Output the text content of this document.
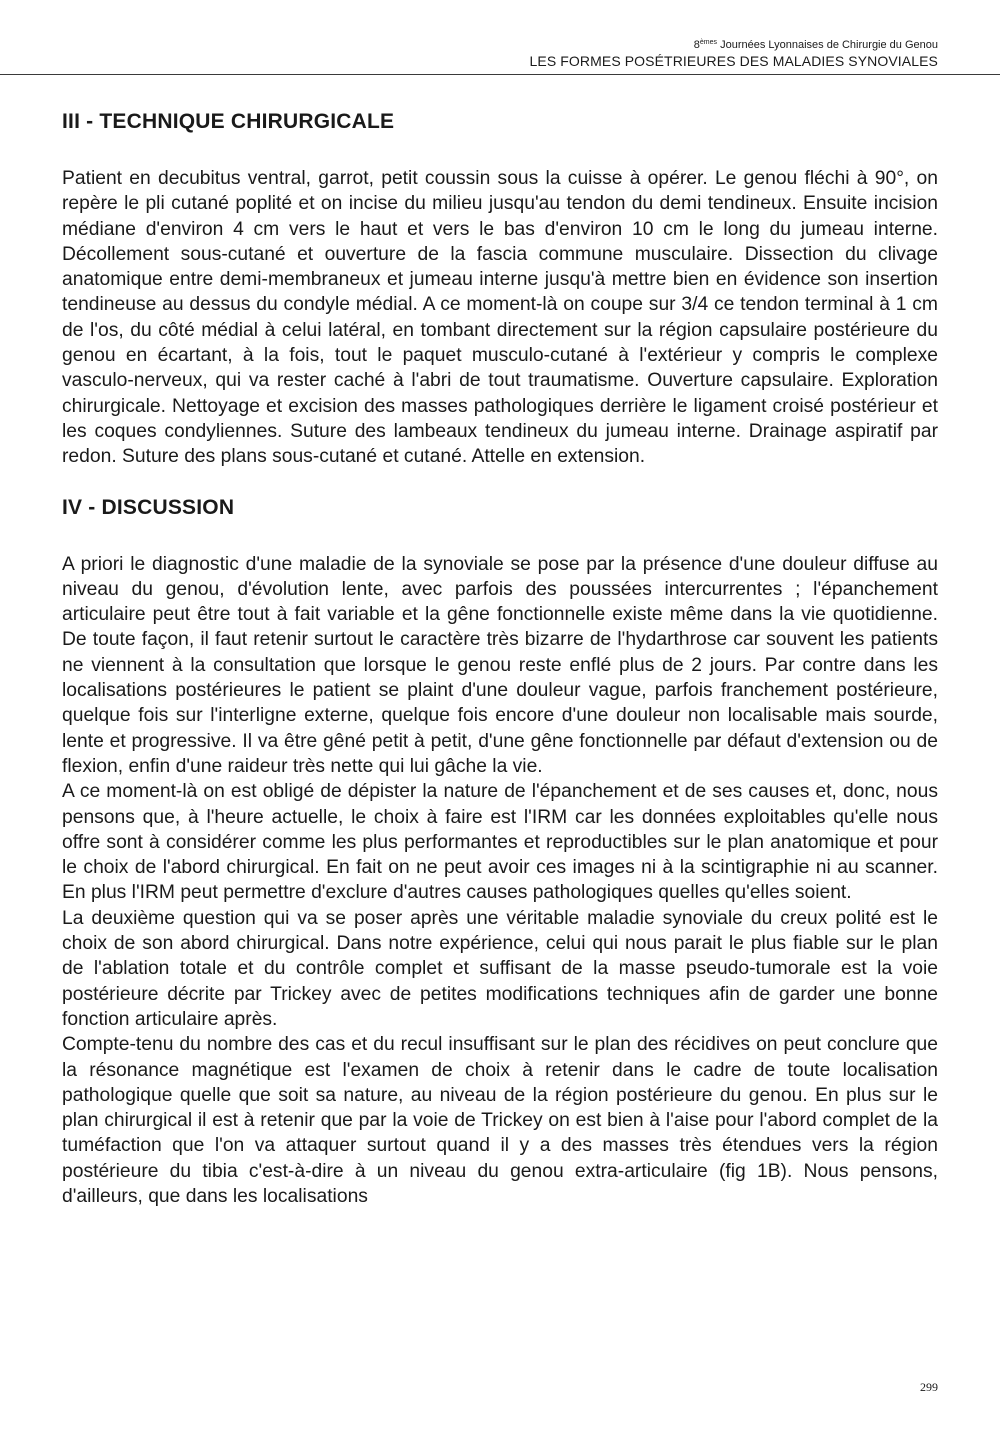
8èmes Journées Lyonnaises de Chirurgie du Genou
LES FORMES POSÉTRIEURES DES MALADIES SYNOVIALES
III - TECHNIQUE CHIRURGICALE

Patient en decubitus ventral, garrot, petit coussin sous la cuisse à opérer. Le genou fléchi à 90°, on repère le pli cutané poplité et on incise du milieu jusqu'au tendon du demi tendineux. Ensuite incision médiane d'environ 4 cm vers le haut et vers le bas d'environ 10 cm le long du jumeau interne. Décollement sous-cutané et ouverture de la fascia commune musculaire. Dissection du clivage anatomique entre demi-membraneux et jumeau interne jusqu'à mettre bien en évidence son insertion tendineuse au dessus du condyle médial. A ce moment-là on coupe sur 3/4 ce tendon terminal à 1 cm de l'os, du côté médial à celui latéral, en tombant directement sur la région capsulaire postérieure du genou en écartant, à la fois, tout le paquet musculo-cutané à l'extérieur y compris le complexe vasculo-nerveux, qui va rester caché à l'abri de tout traumatisme. Ouverture capsulaire. Exploration chirurgicale. Nettoyage et excision des masses pathologiques derrière le ligament croisé postérieur et les coques condyliennes. Suture des lambeaux tendineux du jumeau interne. Drainage aspiratif par redon. Suture des plans sous-cutané et cutané. Attelle en extension.

IV - DISCUSSION

A priori le diagnostic d'une maladie de la synoviale se pose par la présence d'une douleur diffuse au niveau du genou, d'évolution lente, avec parfois des poussées intercurrentes ; l'épanchement articulaire peut être tout à fait variable et la gêne fonctionnelle existe même dans la vie quotidienne. De toute façon, il faut retenir surtout le caractère très bizarre de l'hydarthrose car souvent les patients ne viennent à la consultation que lorsque le genou reste enflé plus de 2 jours. Par contre dans les localisations postérieures le patient se plaint d'une douleur vague, parfois franchement postérieure, quelque fois sur l'interligne externe, quelque fois encore d'une douleur non localisable mais sourde, lente et progressive. Il va être gêné petit à petit, d'une gêne fonctionnelle par défaut d'extension ou de flexion, enfin d'une raideur très nette qui lui gâche la vie.

A ce moment-là on est obligé de dépister la nature de l'épanchement et de ses causes et, donc, nous pensons que, à l'heure actuelle, le choix à faire est l'IRM car les données exploitables qu'elle nous offre sont à considérer comme les plus performantes et reproductibles sur le plan anatomique et pour le choix de l'abord chirurgical. En fait on ne peut avoir ces images ni à la scintigraphie ni au scanner. En plus l'IRM peut permettre d'exclure d'autres causes pathologiques quelles qu'elles soient.

La deuxième question qui va se poser après une véritable maladie synoviale du creux polité est le choix de son abord chirurgical. Dans notre expérience, celui qui nous parait le plus fiable sur le plan de l'ablation totale et du contrôle complet et suffisant de la masse pseudo-tumorale est la voie postérieure décrite par Trickey avec de petites modifications techniques afin de garder une bonne fonction articulaire après.

Compte-tenu du nombre des cas et du recul insuffisant sur le plan des récidives on peut conclure que la résonance magnétique est l'examen de choix à retenir dans le cadre de toute localisation pathologique quelle que soit sa nature, au niveau de la région postérieure du genou. En plus sur le plan chirurgical il est à retenir que par la voie de Trickey on est bien à l'aise pour l'abord complet de la tuméfaction que l'on va attaquer surtout quand il y a des masses très étendues vers la région postérieure du tibia c'est-à-dire à un niveau du genou extra-articulaire (fig 1B). Nous pensons, d'ailleurs, que dans les localisations

299
